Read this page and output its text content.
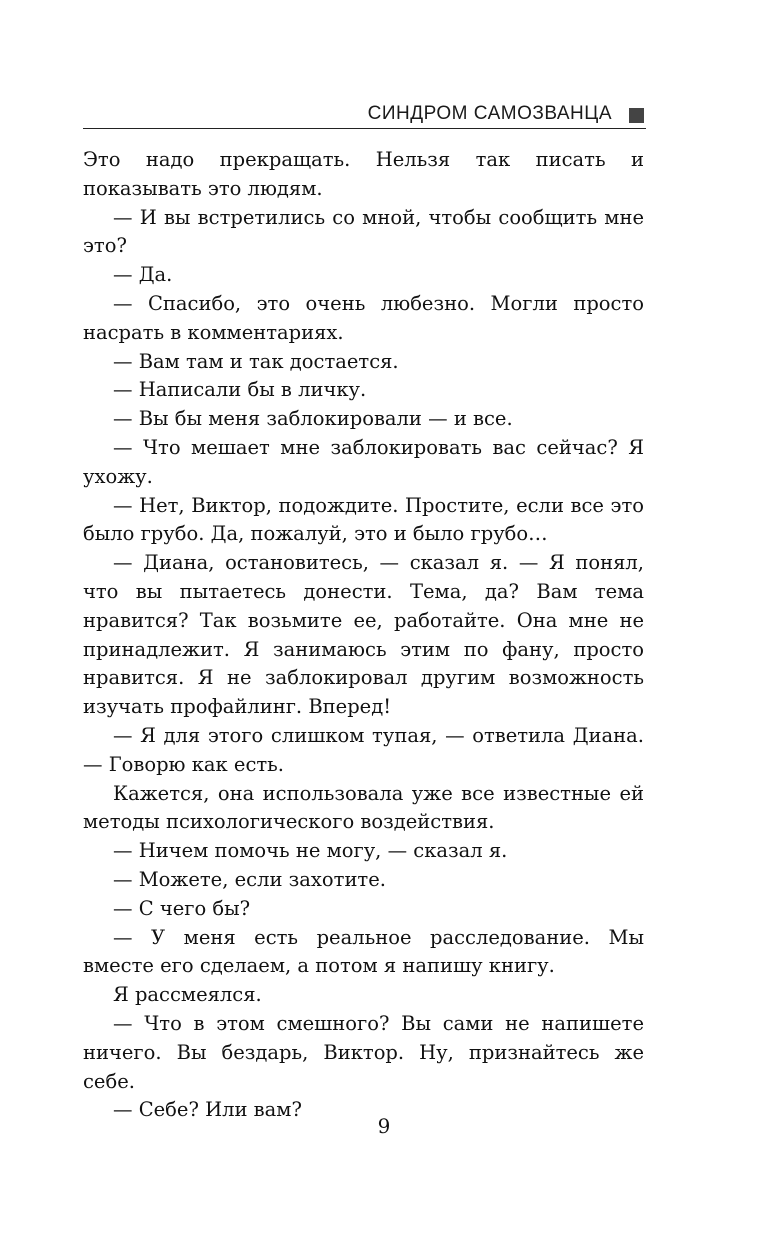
СИНДРОМ САМОЗВАНЦА

Это надо прекращать. Нельзя так писать и показывать это людям.

— И вы встретились со мной, чтобы сообщить мне это?

— Да.

— Спасибо, это очень любезно. Могли просто насрать в комментариях.

— Вам там и так достается.

— Написали бы в личку.

— Вы бы меня заблокировали — и все.

— Что мешает мне заблокировать вас сейчас? Я ухожу.

— Нет, Виктор, подождите. Простите, если все это было грубо. Да, пожалуй, это и было грубо…

— Диана, остановитесь, — сказал я. — Я понял, что вы пытаетесь донести. Тема, да? Вам тема нравится? Так возьмите ее, работайте. Она мне не принадлежит. Я занимаюсь этим по фану, просто нравится. Я не заблокировал другим возможность изучать профайлинг. Вперед!

— Я для этого слишком тупая, — ответила Диана. — Говорю как есть.

Кажется, она использовала уже все известные ей методы психологического воздействия.

— Ничем помочь не могу, — сказал я.

— Можете, если захотите.

— С чего бы?

— У меня есть реальное расследование. Мы вместе его сделаем, а потом я напишу книгу.

Я рассмеялся.

— Что в этом смешного? Вы сами не напишете ничего. Вы бездарь, Виктор. Ну, признайтесь же себе.

— Себе? Или вам?

9
